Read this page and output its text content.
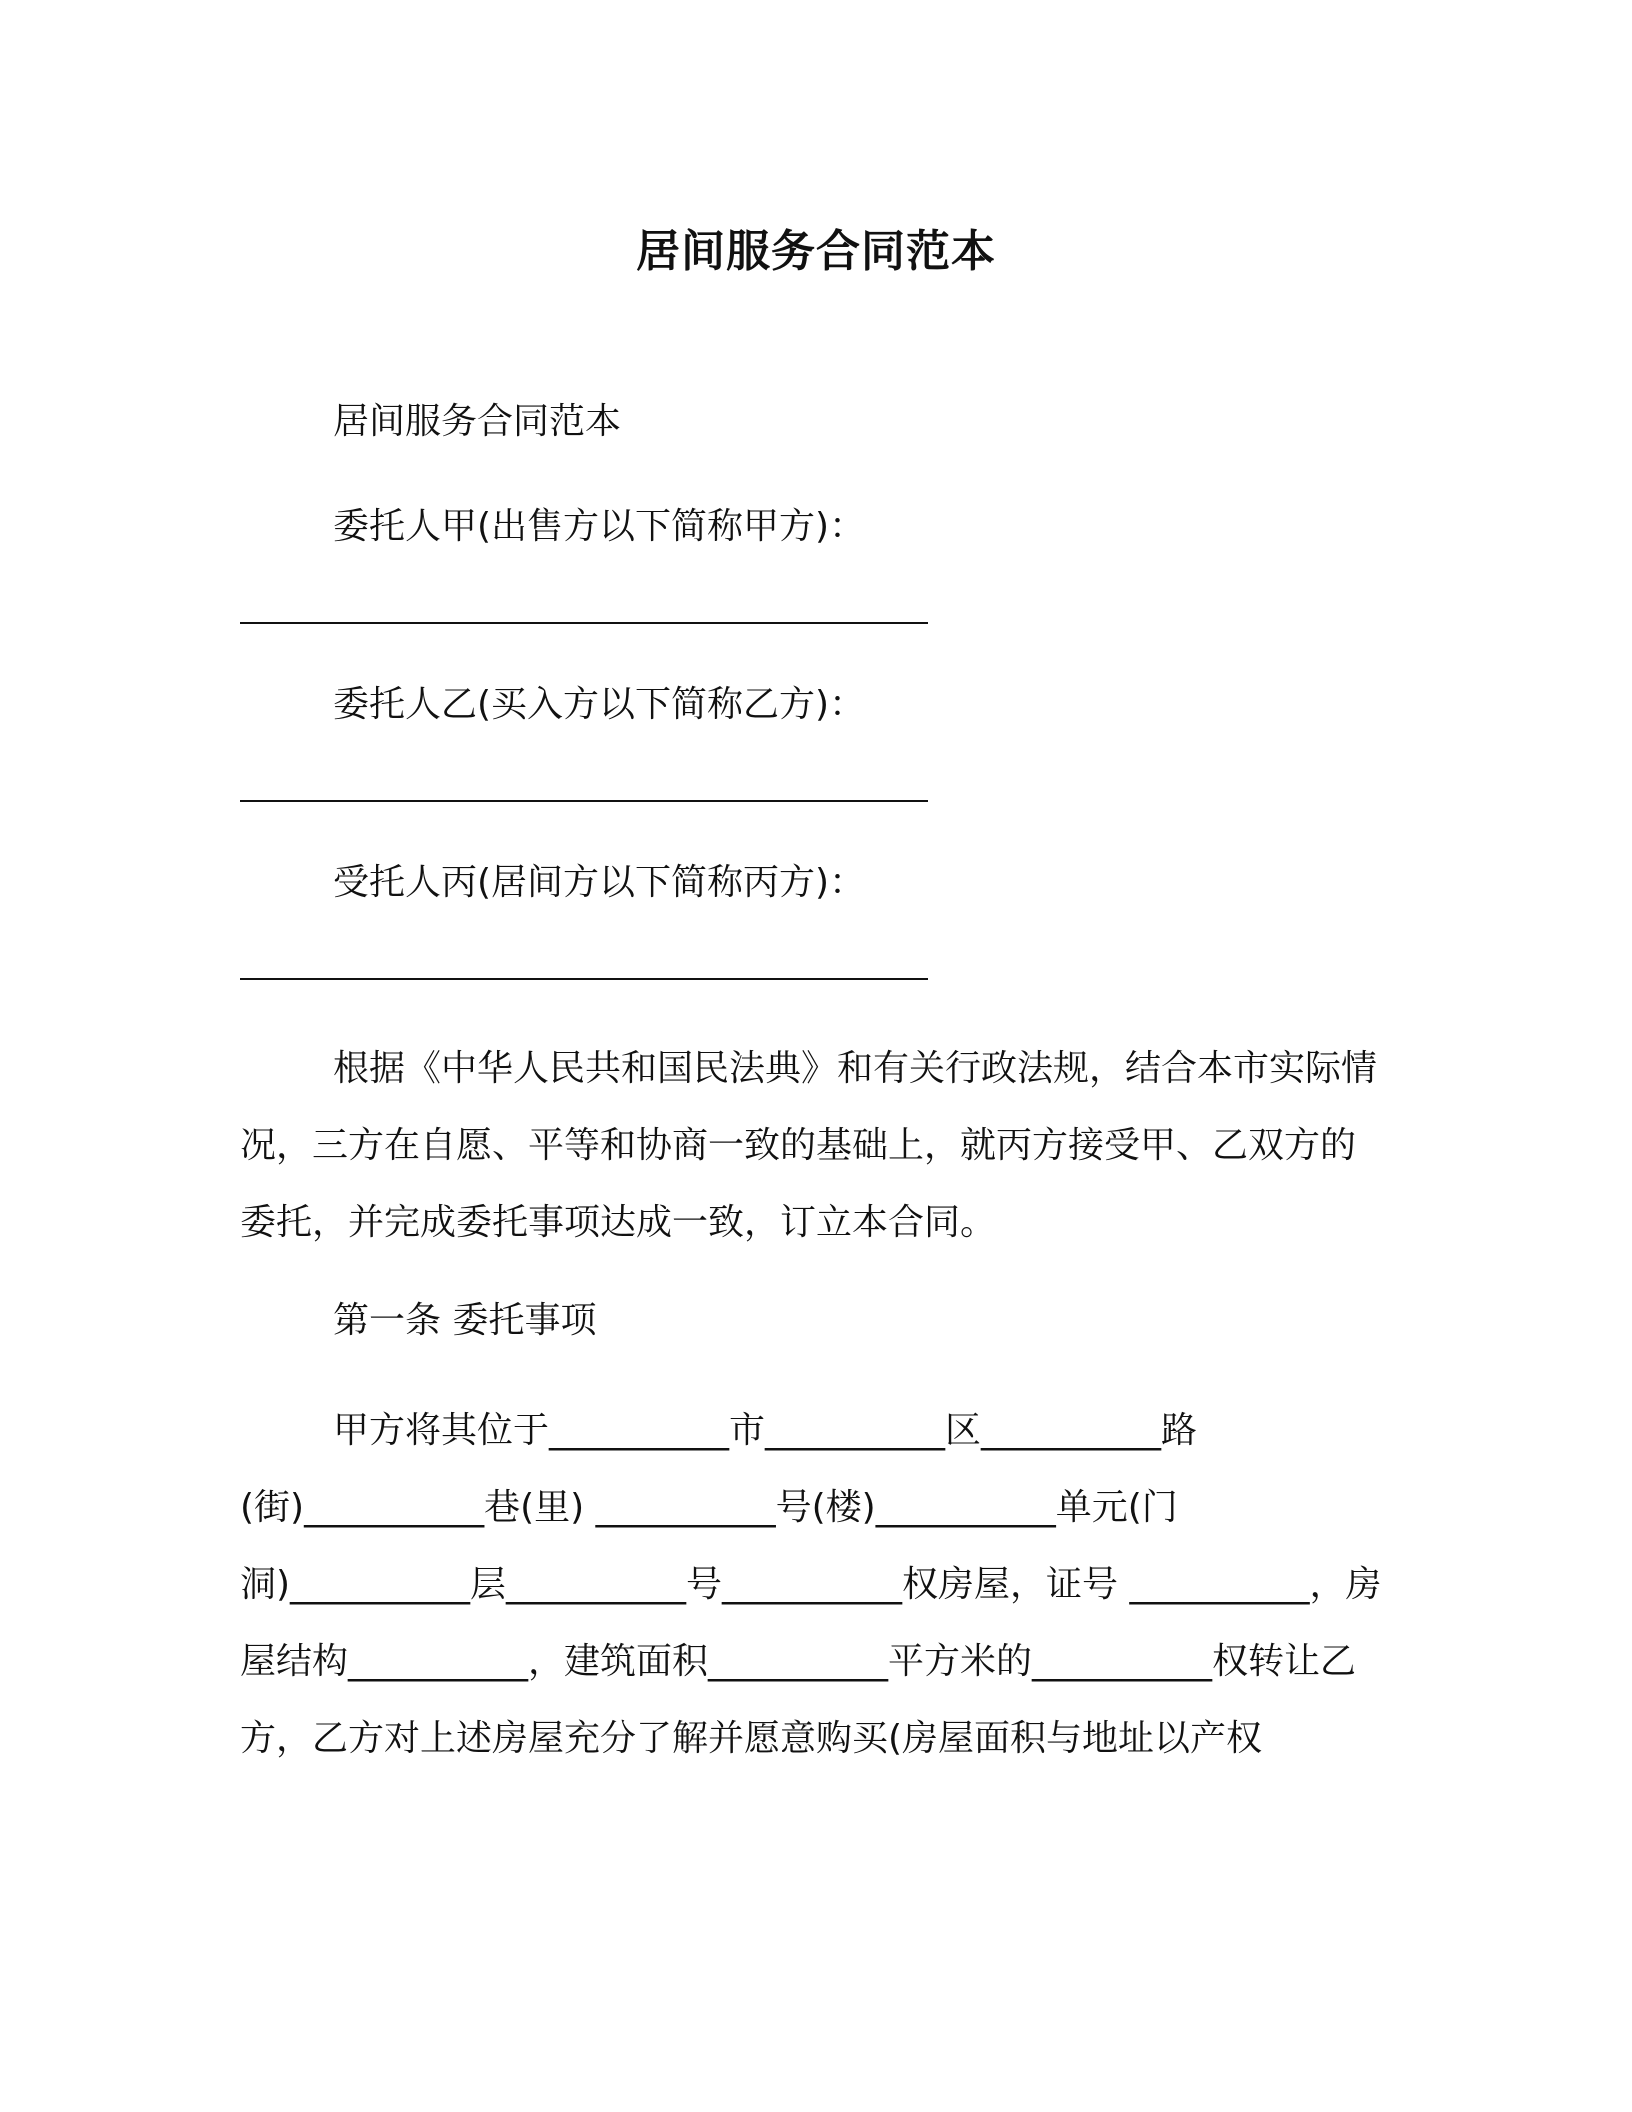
居间服务合同范本
居间服务合同范本
委托人甲(出售方以下简称甲方)：
委托人乙(买入方以下简称乙方)：
受托人丙(居间方以下简称丙方)：
根据《中华人民共和国民法典》和有关行政法规，结合本市实际情况，三方在自愿、平等和协商一致的基础上，就丙方接受甲、乙双方的委托，并完成委托事项达成一致，订立本合同。
第一条 委托事项
甲方将其位于__________市__________区__________路(街)__________巷(里) __________号(楼)__________单元(门洞)__________层__________号__________权房屋，证号 __________，房屋结构__________，建筑面积__________平方米的__________权转让乙方，乙方对上述房屋充分了解并愿意购买(房屋面积与地址以产权
